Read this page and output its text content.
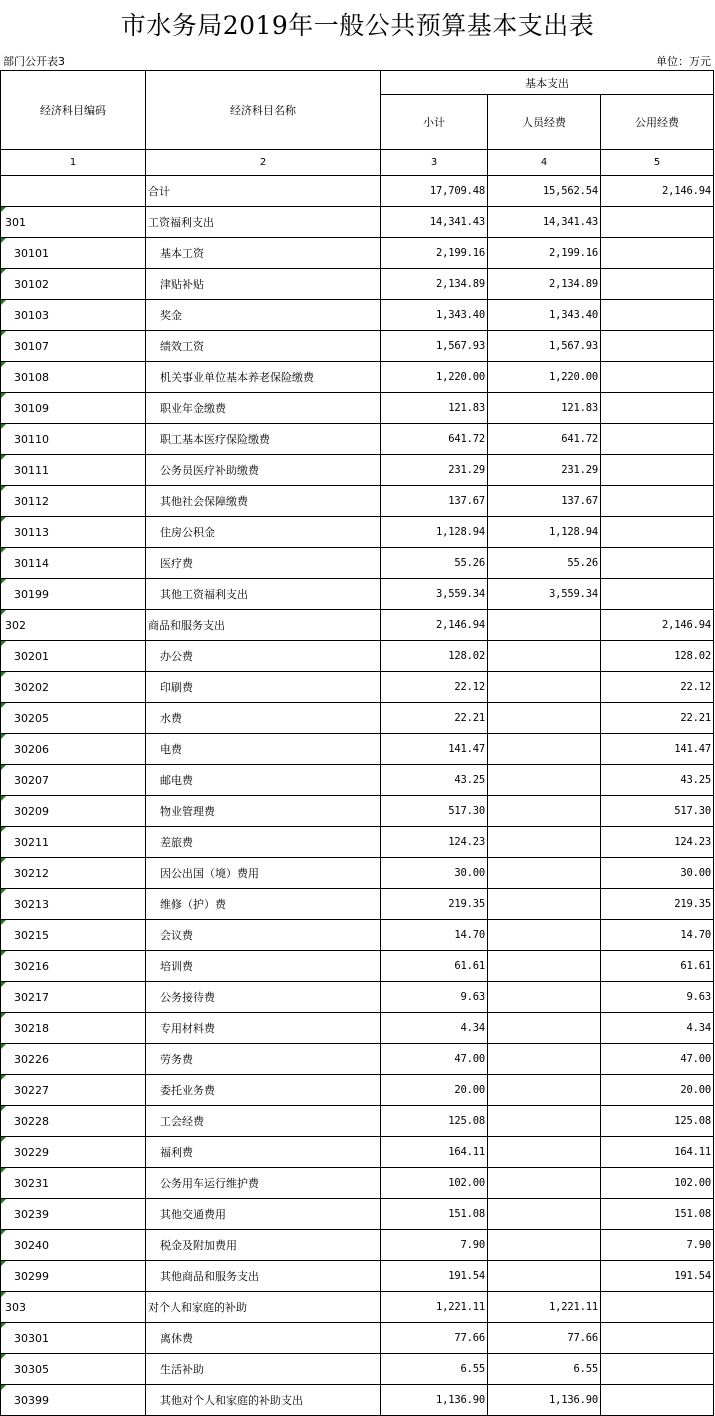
市水务局2019年一般公共预算基本支出表
部门公开表3	单位：万元
经济科目编码	经济科目名称	基本支出		
		小计	人员经费	公用经费
1	2	3	4	5
	合计	17,709.48	15,562.54	2,146.94

301	工资福利支出	14,341.43	14,341.43	

30101	基本工资	2,199.16	2,199.16	

30102	津贴补贴	2,134.89	2,134.89	

30103	奖金	1,343.40	1,343.40	

30107	绩效工资	1,567.93	1,567.93	

30108	机关事业单位基本养老保险缴费	1,220.00	1,220.00	

30109	职业年金缴费	121.83	121.83	

30110	职工基本医疗保险缴费	641.72	641.72	

30111	公务员医疗补助缴费	231.29	231.29	

30112	其他社会保障缴费	137.67	137.67	

30113	住房公积金	1,128.94	1,128.94	

30114	医疗费	55.26	55.26	

30199	其他工资福利支出	3,559.34	3,559.34	

302	商品和服务支出	2,146.94		2,146.94

30201	办公费	128.02		128.02

30202	印刷费	22.12		22.12

30205	水费	22.21		22.21

30206	电费	141.47		141.47

30207	邮电费	43.25		43.25

30209	物业管理费	517.30		517.30

30211	差旅费	124.23		124.23

30212	因公出国（境）费用	30.00		30.00

30213	维修（护）费	219.35		219.35

30215	会议费	14.70		14.70

30216	培训费	61.61		61.61

30217	公务接待费	9.63		9.63

30218	专用材料费	4.34		4.34

30226	劳务费	47.00		47.00

30227	委托业务费	20.00		20.00

30228	工会经费	125.08		125.08

30229	福利费	164.11		164.11

30231	公务用车运行维护费	102.00		102.00

30239	其他交通费用	151.08		151.08

30240	税金及附加费用	7.90		7.90

30299	其他商品和服务支出	191.54		191.54

303	对个人和家庭的补助	1,221.11	1,221.11	

30301	离休费	77.66	77.66	

30305	生活补助	6.55	6.55	

30399	其他对个人和家庭的补助支出	1,136.90	1,136.90	
